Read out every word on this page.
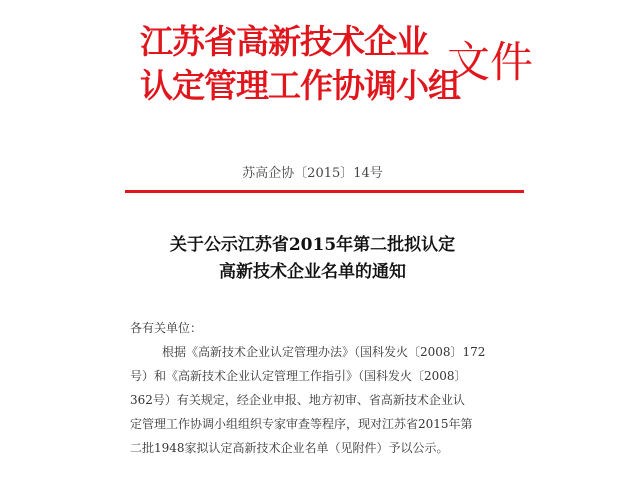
江苏省高新技术企业
认定管理工作协调小组
文件
苏高企协〔2015〕14号
关于公示江苏省2015年第二批拟认定
高新技术企业名单的通知
各有关单位：
根据《高新技术企业认定管理办法》（国科发火〔2008〕172
号）和《高新技术企业认定管理工作指引》（国科发火〔2008〕
362号）有关规定，经企业申报、地方初审、省高新技术企业认
定管理工作协调小组组织专家审查等程序，现对江苏省2015年第
二批1948家拟认定高新技术企业名单（见附件）予以公示。
